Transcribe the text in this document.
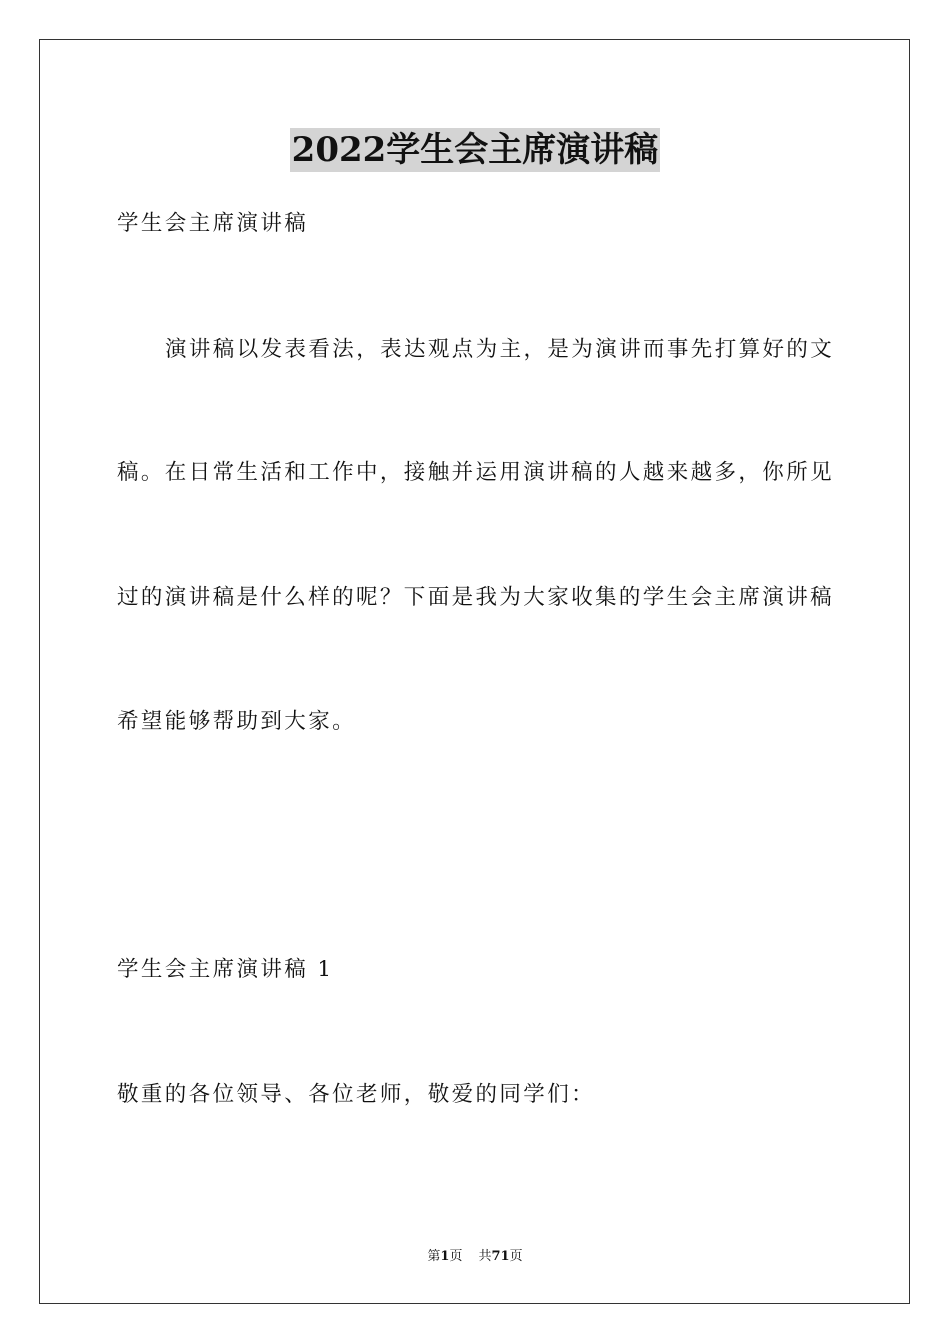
2022学生会主席演讲稿

学生会主席演讲稿

演讲稿以发表看法，表达观点为主，是为演讲而事先打算好的文

稿。在日常生活和工作中，接触并运用演讲稿的人越来越多，你所见

过的演讲稿是什么样的呢？下面是我为大家收集的学生会主席演讲稿

希望能够帮助到大家。

学生会主席演讲稿 1

敬重的各位领导、各位老师，敬爱的同学们：

第1页 共71页
